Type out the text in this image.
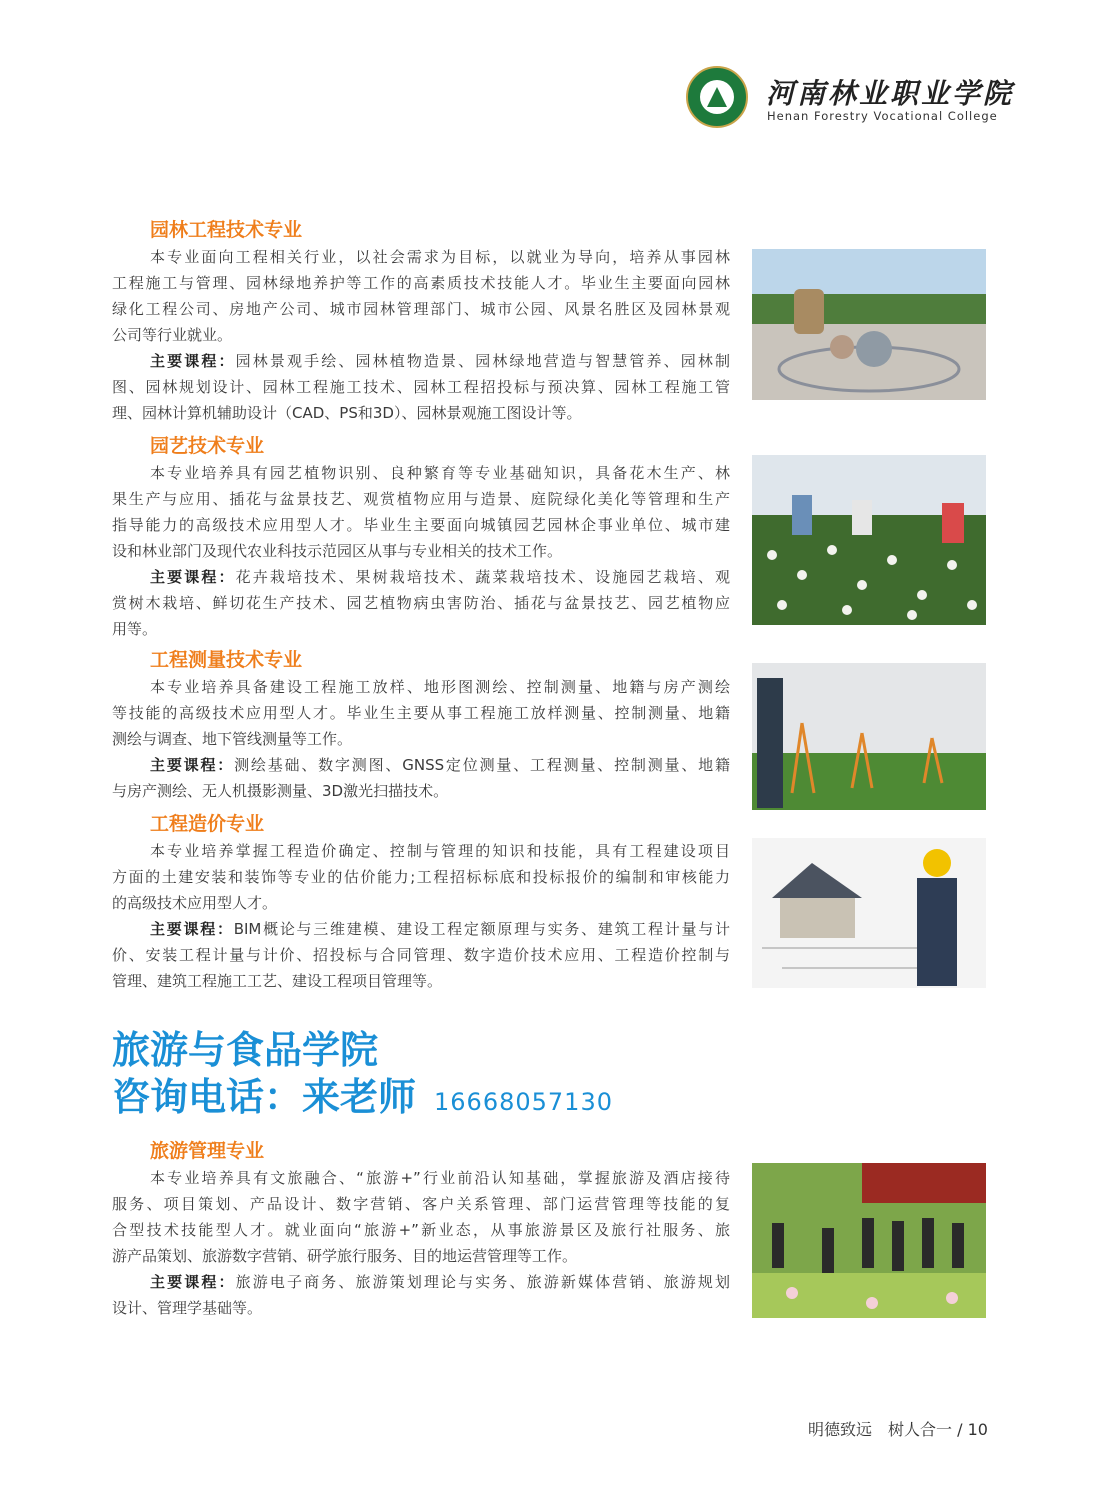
河南林业职业学院
Henan Forestry Vocational College
园林工程技术专业
本专业面向工程相关行业，以社会需求为目标，以就业为导向，培养从事园林
工程施工与管理、园林绿地养护等工作的高素质技术技能人才。毕业生主要面向园林
绿化工程公司、房地产公司、城市园林管理部门、城市公园、风景名胜区及园林景观
公司等行业就业。
主要课程：园林景观手绘、园林植物造景、园林绿地营造与智慧管养、园林制
图、园林规划设计、园林工程施工技术、园林工程招投标与预决算、园林工程施工管
理、园林计算机辅助设计（CAD、PS和3D）、园林景观施工图设计等。
园艺技术专业
本专业培养具有园艺植物识别、良种繁育等专业基础知识，具备花木生产、林
果生产与应用、插花与盆景技艺、观赏植物应用与造景、庭院绿化美化等管理和生产
指导能力的高级技术应用型人才。毕业生主要面向城镇园艺园林企事业单位、城市建
设和林业部门及现代农业科技示范园区从事与专业相关的技术工作。
主要课程：花卉栽培技术、果树栽培技术、蔬菜栽培技术、设施园艺栽培、观
赏树木栽培、鲜切花生产技术、园艺植物病虫害防治、插花与盆景技艺、园艺植物应
用等。
工程测量技术专业
本专业培养具备建设工程施工放样、地形图测绘、控制测量、地籍与房产测绘
等技能的高级技术应用型人才。毕业生主要从事工程施工放样测量、控制测量、地籍
测绘与调查、地下管线测量等工作。
主要课程：测绘基础、数字测图、GNSS定位测量、工程测量、控制测量、地籍
与房产测绘、无人机摄影测量、3D激光扫描技术。
工程造价专业
本专业培养掌握工程造价确定、控制与管理的知识和技能，具有工程建设项目
方面的土建安装和装饰等专业的估价能力;工程招标标底和投标报价的编制和审核能力
的高级技术应用型人才。
主要课程：BIM概论与三维建模、建设工程定额原理与实务、建筑工程计量与计
价、安装工程计量与计价、招投标与合同管理、数字造价技术应用、工程造价控制与
管理、建筑工程施工工艺、建设工程项目管理等。
旅游管理专业
本专业培养具有文旅融合、“旅游+”行业前沿认知基础，掌握旅游及酒店接待
服务、项目策划、产品设计、数字营销、客户关系管理、部门运营管理等技能的复
合型技术技能型人才。就业面向“旅游+”新业态，从事旅游景区及旅行社服务、旅
游产品策划、旅游数字营销、研学旅行服务、目的地运营管理等工作。
主要课程：旅游电子商务、旅游策划理论与实务、旅游新媒体营销、旅游规划
设计、管理学基础等。
旅游与食品学院
咨询电话：来老师 16668057130
明德致远　树人合一 / 10
